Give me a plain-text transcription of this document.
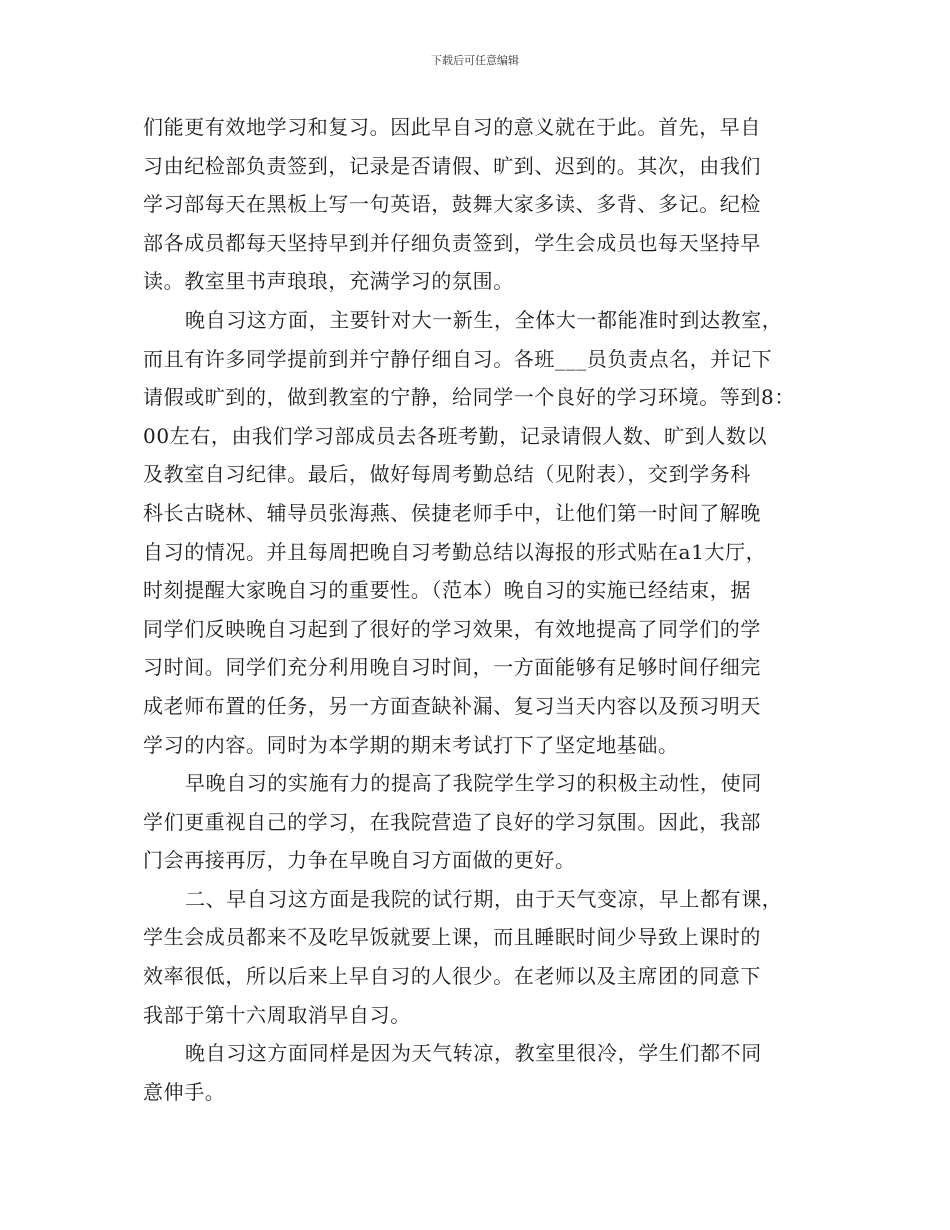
下载后可任意编辑
们能更有效地学习和复习。因此早自习的意义就在于此。首先，早自
习由纪检部负责签到，记录是否请假、旷到、迟到的。其次，由我们
学习部每天在黑板上写一句英语，鼓舞大家多读、多背、多记。纪检
部各成员都每天坚持早到并仔细负责签到，学生会成员也每天坚持早
读。教室里书声琅琅，充满学习的氛围。
晚自习这方面，主要针对大一新生，全体大一都能准时到达教室，
而且有许多同学提前到并宁静仔细自习。各班___员负责点名，并记下
请假或旷到的，做到教室的宁静，给同学一个良好的学习环境。等到8：
00左右，由我们学习部成员去各班考勤，记录请假人数、旷到人数以
及教室自习纪律。最后，做好每周考勤总结（见附表），交到学务科
科长古晓林、辅导员张海燕、侯捷老师手中，让他们第一时间了解晚
自习的情况。并且每周把晚自习考勤总结以海报的形式贴在a1大厅，
时刻提醒大家晚自习的重要性。（范本）晚自习的实施已经结束，据
同学们反映晚自习起到了很好的学习效果，有效地提高了同学们的学
习时间。同学们充分利用晚自习时间，一方面能够有足够时间仔细完
成老师布置的任务，另一方面查缺补漏、复习当天内容以及预习明天
学习的内容。同时为本学期的期末考试打下了坚定地基础。
早晚自习的实施有力的提高了我院学生学习的积极主动性，使同
学们更重视自己的学习，在我院营造了良好的学习氛围。因此，我部
门会再接再厉，力争在早晚自习方面做的更好。
二、早自习这方面是我院的试行期，由于天气变凉，早上都有课，
学生会成员都来不及吃早饭就要上课，而且睡眠时间少导致上课时的
效率很低，所以后来上早自习的人很少。在老师以及主席团的同意下
我部于第十六周取消早自习。
晚自习这方面同样是因为天气转凉，教室里很冷，学生们都不同
意伸手。
